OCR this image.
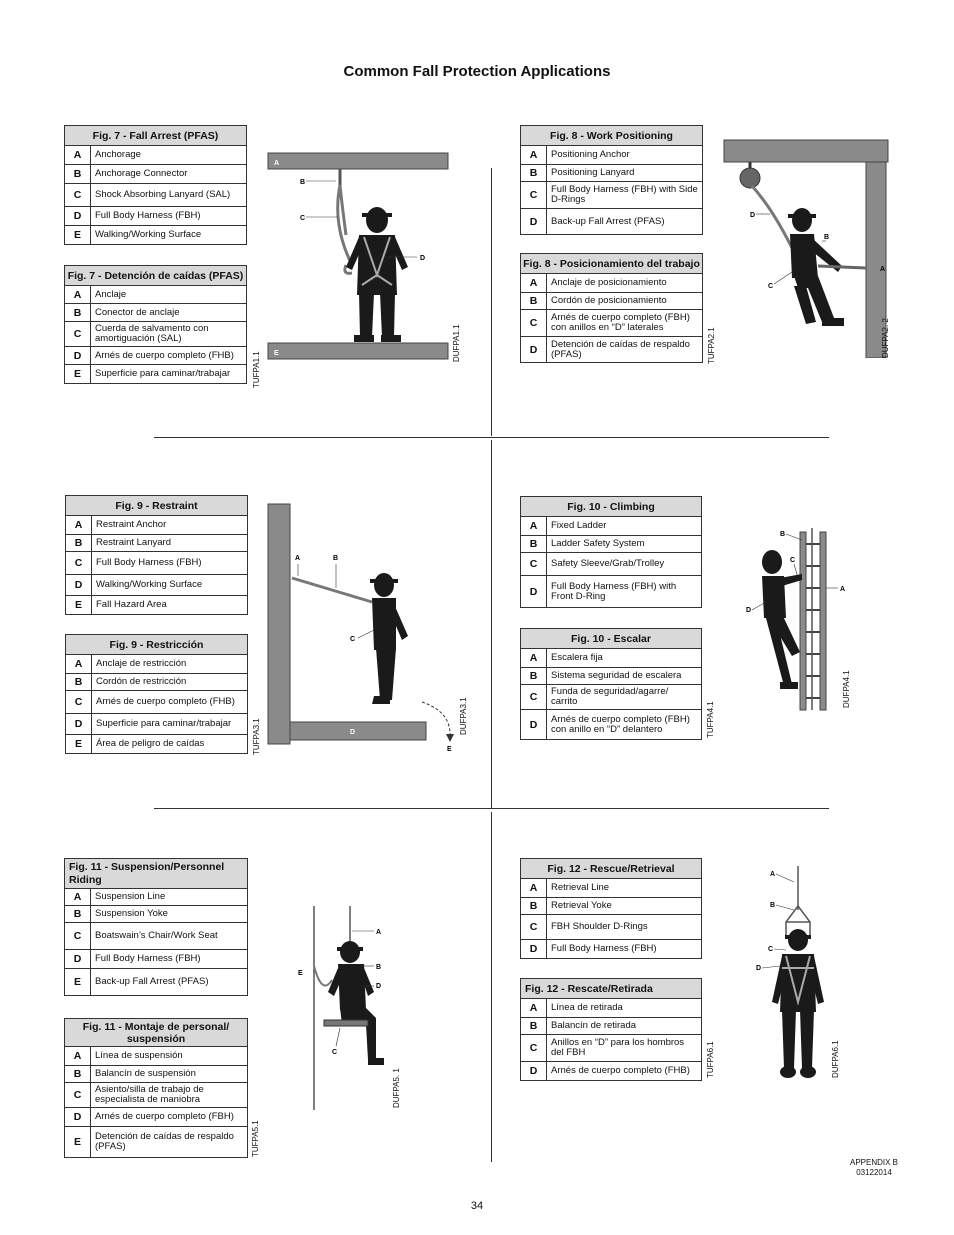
Common Fall Protection Applications
Fig. 7 - Fall Arrest (PFAS)	
A	Anchorage
B	Anchorage Connector
C	Shock Absorbing Lanyard (SAL)
D	Full Body Harness (FBH)
E	Walking/Working Surface
Fig. 7 - Detención de caídas (PFAS)	
A	Anclaje
B	Conector de anclaje
C	Cuerda de salvamento con amortiguación (SAL)
D	Arnés de cuerpo completo (FHB)
E	Superficie para caminar/trabajar
A
E
B
C
D
TUFPA1.1
DUFPA1.1
Fig. 8 - Work Positioning	
A	Positioning Anchor
B	Positioning Lanyard
C	Full Body Harness (FBH) with Side D-Rings
D	Back-up Fall Arrest (PFAS)
Fig. 8 - Posicionamiento del trabajo	
A	Anclaje de posicionamiento
B	Cordón de posicionamiento
C	Arnés de cuerpo completo (FBH) con anillos en “D” laterales
D	Detención de caídas de respaldo (PFAS)
D
B
A
C
TUFPA2.1	DUFPA2. 2
Fig. 9 - Restraint	
A	Restraint Anchor
B	Restraint Lanyard
C	Full Body Harness (FBH)
D	Walking/Working Surface
E	Fall Hazard Area
Fig. 9 - Restricción	
A	Anclaje de restricción
B	Cordón de restricción
C	Arnés de cuerpo completo (FHB)
D	Superficie para caminar/trabajar
E	Área de peligro de caídas
D
A	B
C
E
TUFPA3.1
DUFPA3.1
Fig. 10 - Climbing	
A	Fixed Ladder
B	Ladder Safety System
C	Safety Sleeve/Grab/Trolley
D	Full Body Harness (FBH) with Front D-Ring
Fig. 10 - Escalar	
A	Escalera fija
B	Sistema seguridad de escalera
C	Funda de seguridad/agarre/ carrito
D	Arnés de cuerpo completo (FBH) con anillo en “D” delantero
B
C
A
D
TUFPA4.1
DUFPA4.1
Fig. 11 - Suspension/Personnel Riding	
A	Suspension Line
B	Suspension Yoke
C	Boatswain’s Chair/Work Seat
D	Full Body Harness (FBH)
E	Back-up Fall Arrest (PFAS)
Fig. 11 - Montaje de personal/ suspensión	
A	Línea de suspensión
B	Balancín de suspensión
C	Asiento/silla de trabajo de especialista de maniobra
D	Arnés de cuerpo completo (FBH)
E	Detención de caídas de respaldo (PFAS)
A
B
D
E
C
TUFPA5.1
DUFPA5. 1
Fig. 12 - Rescue/Retrieval	
A	Retrieval Line
B	Retrieval Yoke
C	FBH Shoulder D-Rings
D	Full Body Harness (FBH)
Fig. 12 - Rescate/Retirada	
A	Línea de retirada
B	Balancín de retirada
C	Anillos en “D” para los hombros del FBH
D	Arnés de cuerpo completo (FHB)
A
B
C
D
TUFPA6.1	DUFPA6.1
APPENDIX B
03122014
34
